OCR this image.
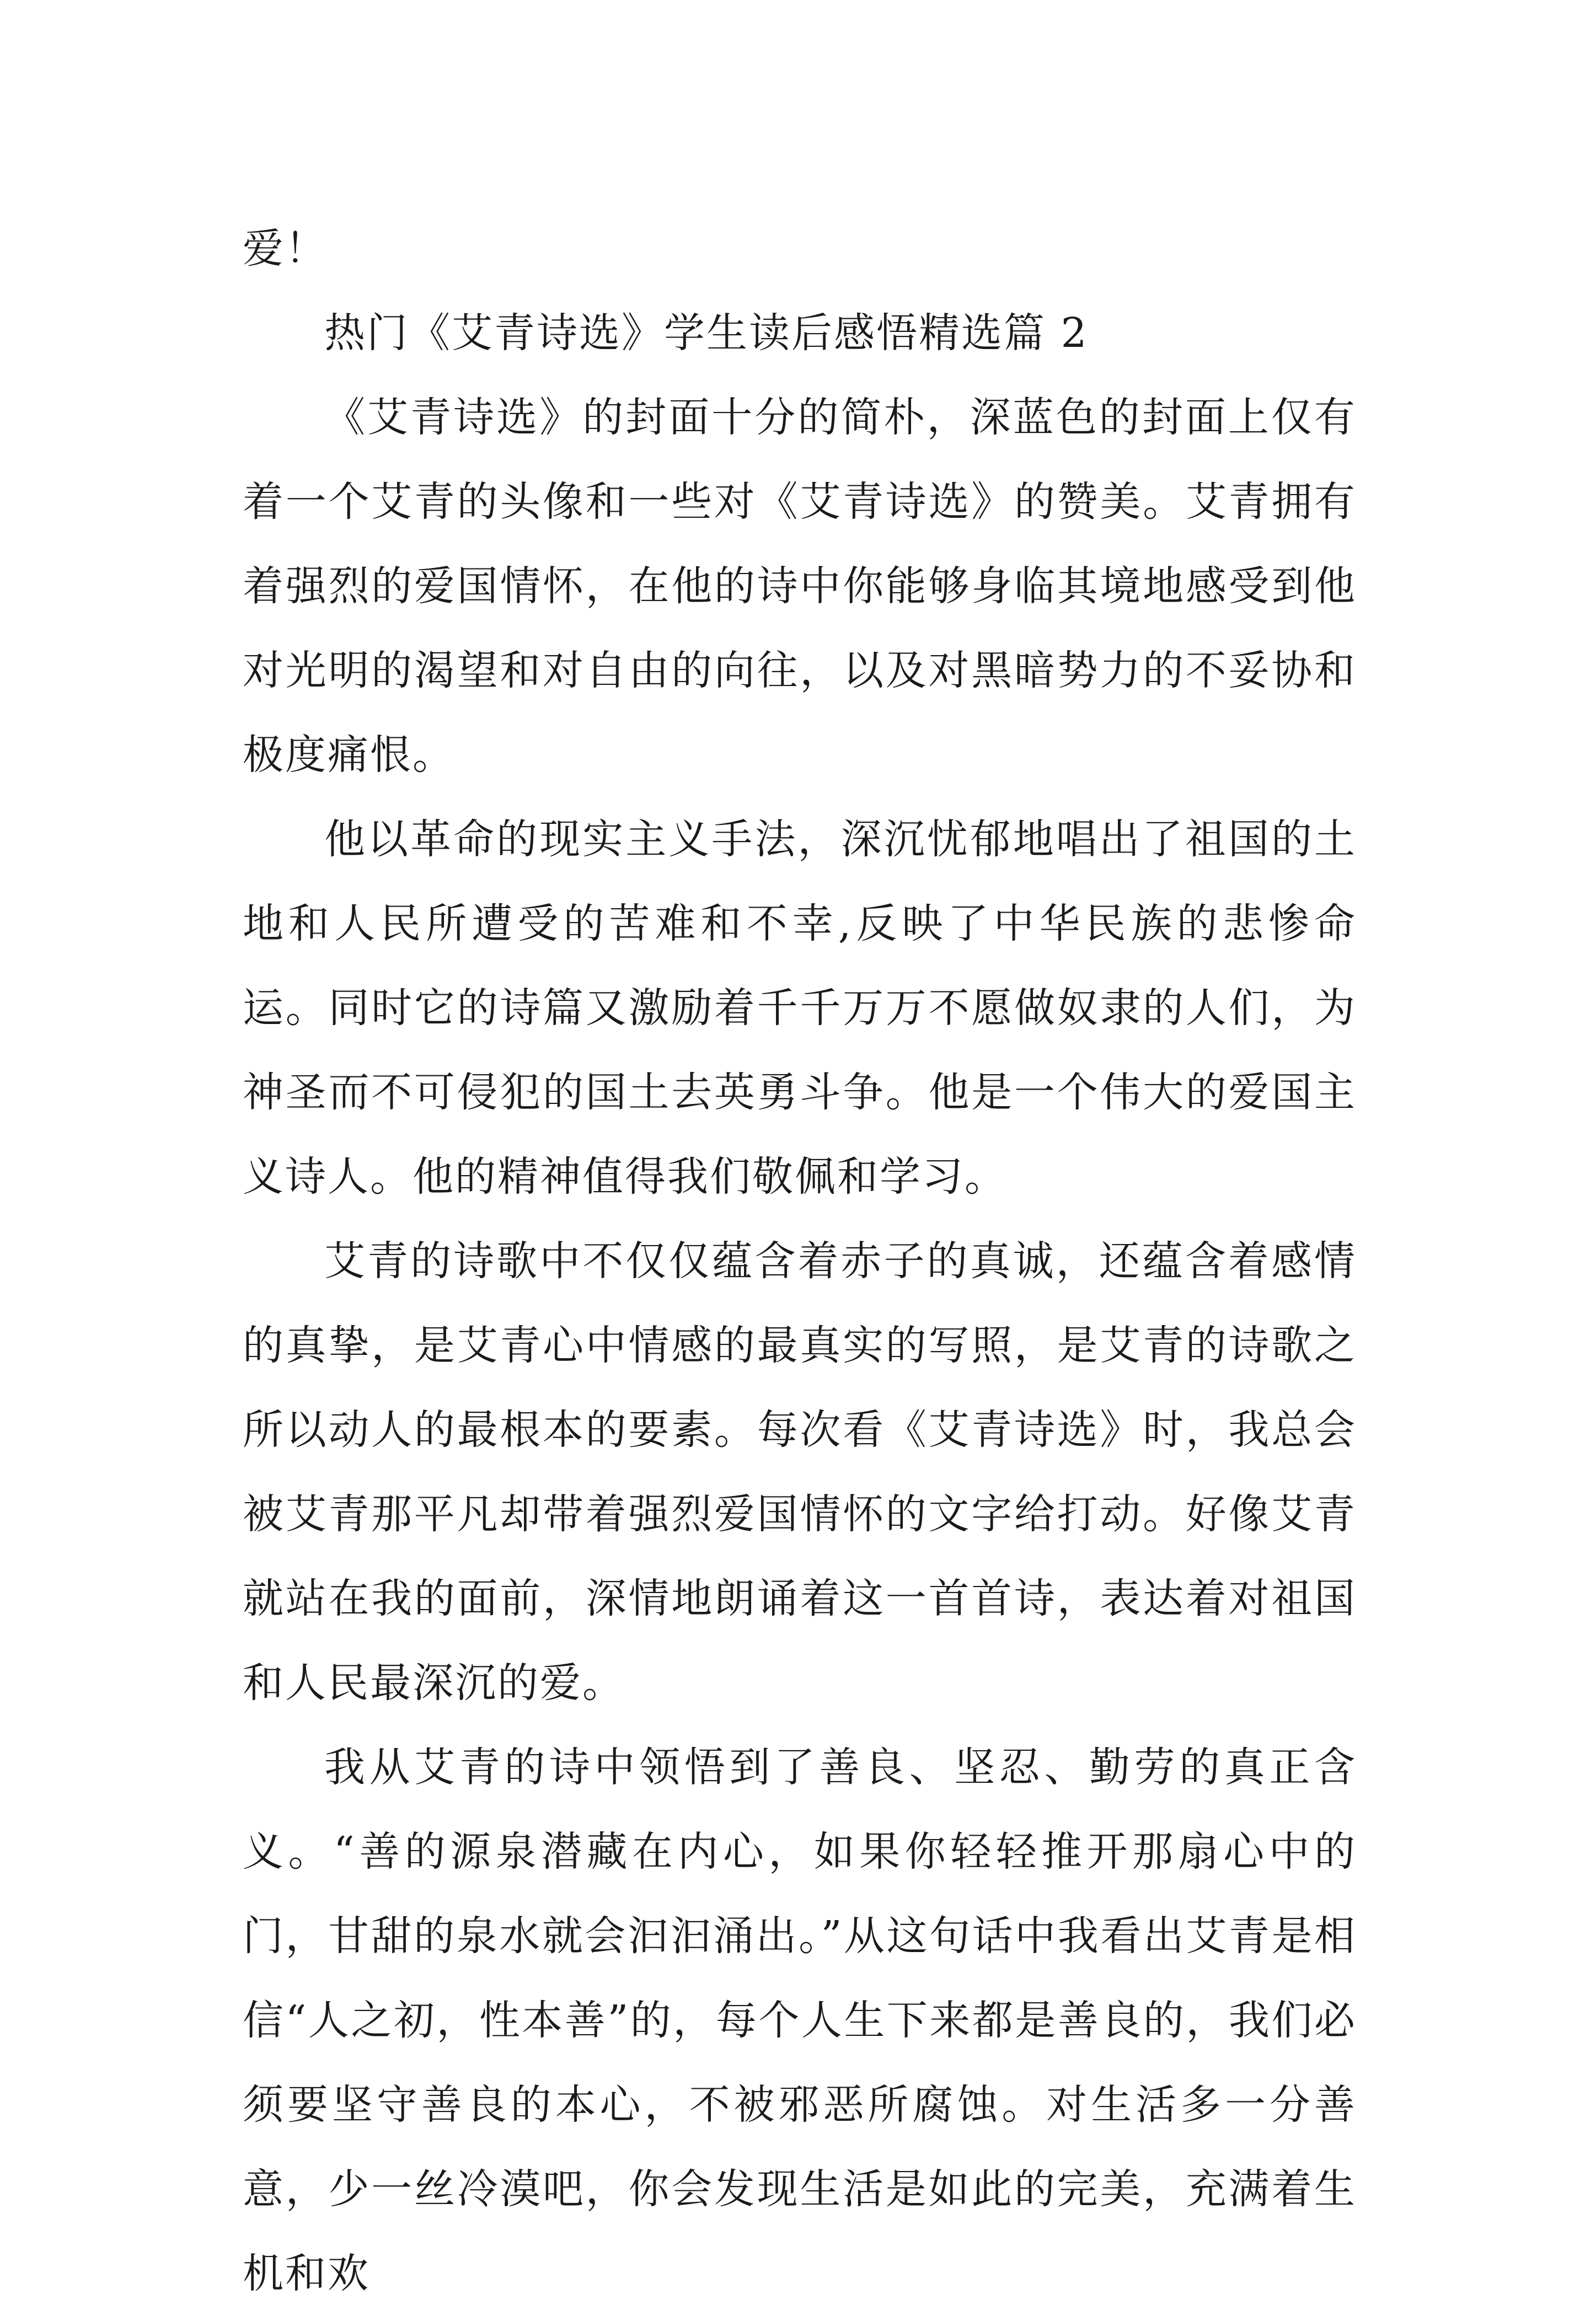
爱！

热门《艾青诗选》学生读后感悟精选篇 2

《艾青诗选》的封面十分的简朴，深蓝色的封面上仅有着一个艾青的头像和一些对《艾青诗选》的赞美。艾青拥有着强烈的爱国情怀，在他的诗中你能够身临其境地感受到他对光明的渴望和对自由的向往，以及对黑暗势力的不妥协和极度痛恨。

他以革命的现实主义手法，深沉忧郁地唱出了祖国的土地和人民所遭受的苦难和不幸,反映了中华民族的悲惨命运。同时它的诗篇又激励着千千万万不愿做奴隶的人们，为神圣而不可侵犯的国土去英勇斗争。他是一个伟大的爱国主义诗人。他的精神值得我们敬佩和学习。

艾青的诗歌中不仅仅蕴含着赤子的真诚，还蕴含着感情的真挚，是艾青心中情感的最真实的写照，是艾青的诗歌之所以动人的最根本的要素。每次看《艾青诗选》时，我总会被艾青那平凡却带着强烈爱国情怀的文字给打动。好像艾青就站在我的面前，深情地朗诵着这一首首诗，表达着对祖国和人民最深沉的爱。

我从艾青的诗中领悟到了善良、坚忍、勤劳的真正含义。“善的源泉潜藏在内心，如果你轻轻推开那扇心中的门，甘甜的泉水就会汩汩涌出。”从这句话中我看出艾青是相信“人之初，性本善”的，每个人生下来都是善良的，我们必须要坚守善良的本心，不被邪恶所腐蚀。对生活多一分善意，少一丝冷漠吧，你会发现生活是如此的完美，充满着生机和欢
